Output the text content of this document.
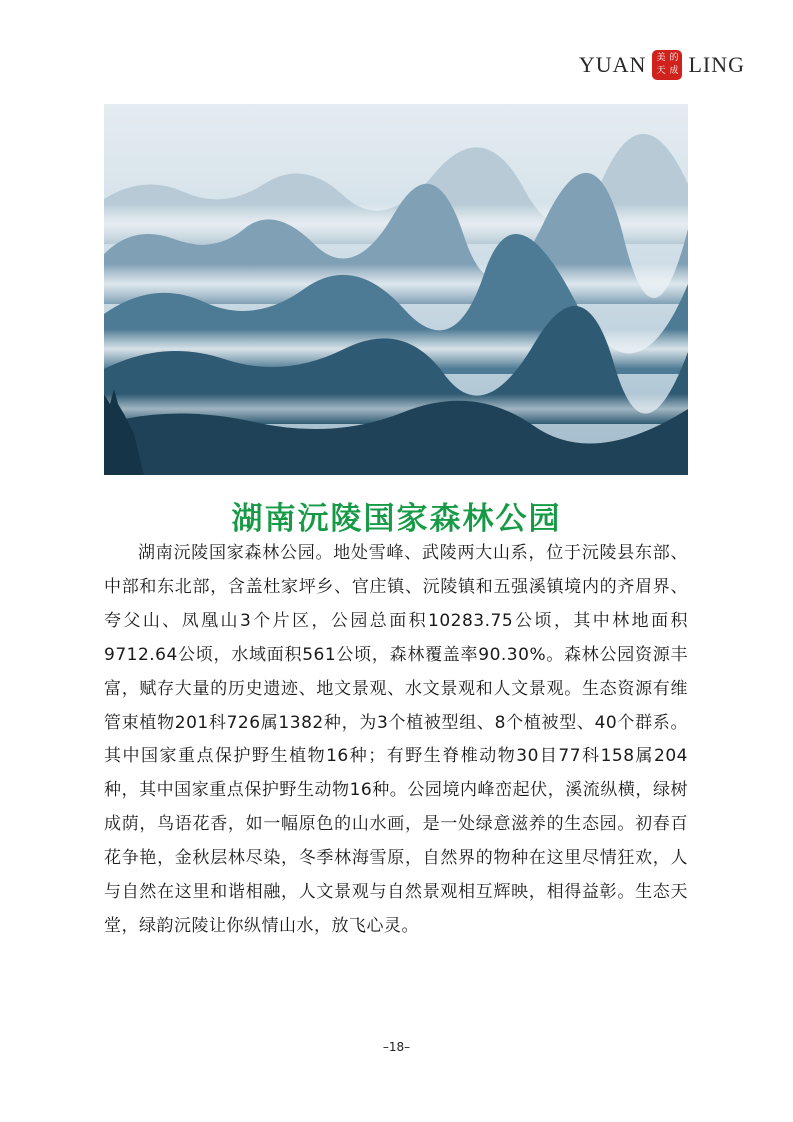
YUAN 美 的
天 成 LING
湖南沅陵国家森林公园

湖南沅陵国家森林公园。地处雪峰、武陵两大山系，位于沅陵县东部、中部和东北部，含盖杜家坪乡、官庄镇、沅陵镇和五强溪镇境内的齐眉界、夸父山、凤凰山3个片区，公园总面积10283.75公顷，其中林地面积9712.64公顷，水域面积561公顷，森林覆盖率90.30%。森林公园资源丰富，赋存大量的历史遗迹、地文景观、水文景观和人文景观。生态资源有维管束植物201科726属1382种，为3个植被型组、8个植被型、40个群系。其中国家重点保护野生植物16种；有野生脊椎动物30目77科158属204种，其中国家重点保护野生动物16种。公园境内峰峦起伏，溪流纵横，绿树成荫，鸟语花香，如一幅原色的山水画，是一处绿意滋养的生态园。初春百花争艳，金秋层林尽染，冬季林海雪原，自然界的物种在这里尽情狂欢，人与自然在这里和谐相融，人文景观与自然景观相互辉映，相得益彰。生态天堂，绿韵沅陵让你纵情山水，放飞心灵。

–18–
